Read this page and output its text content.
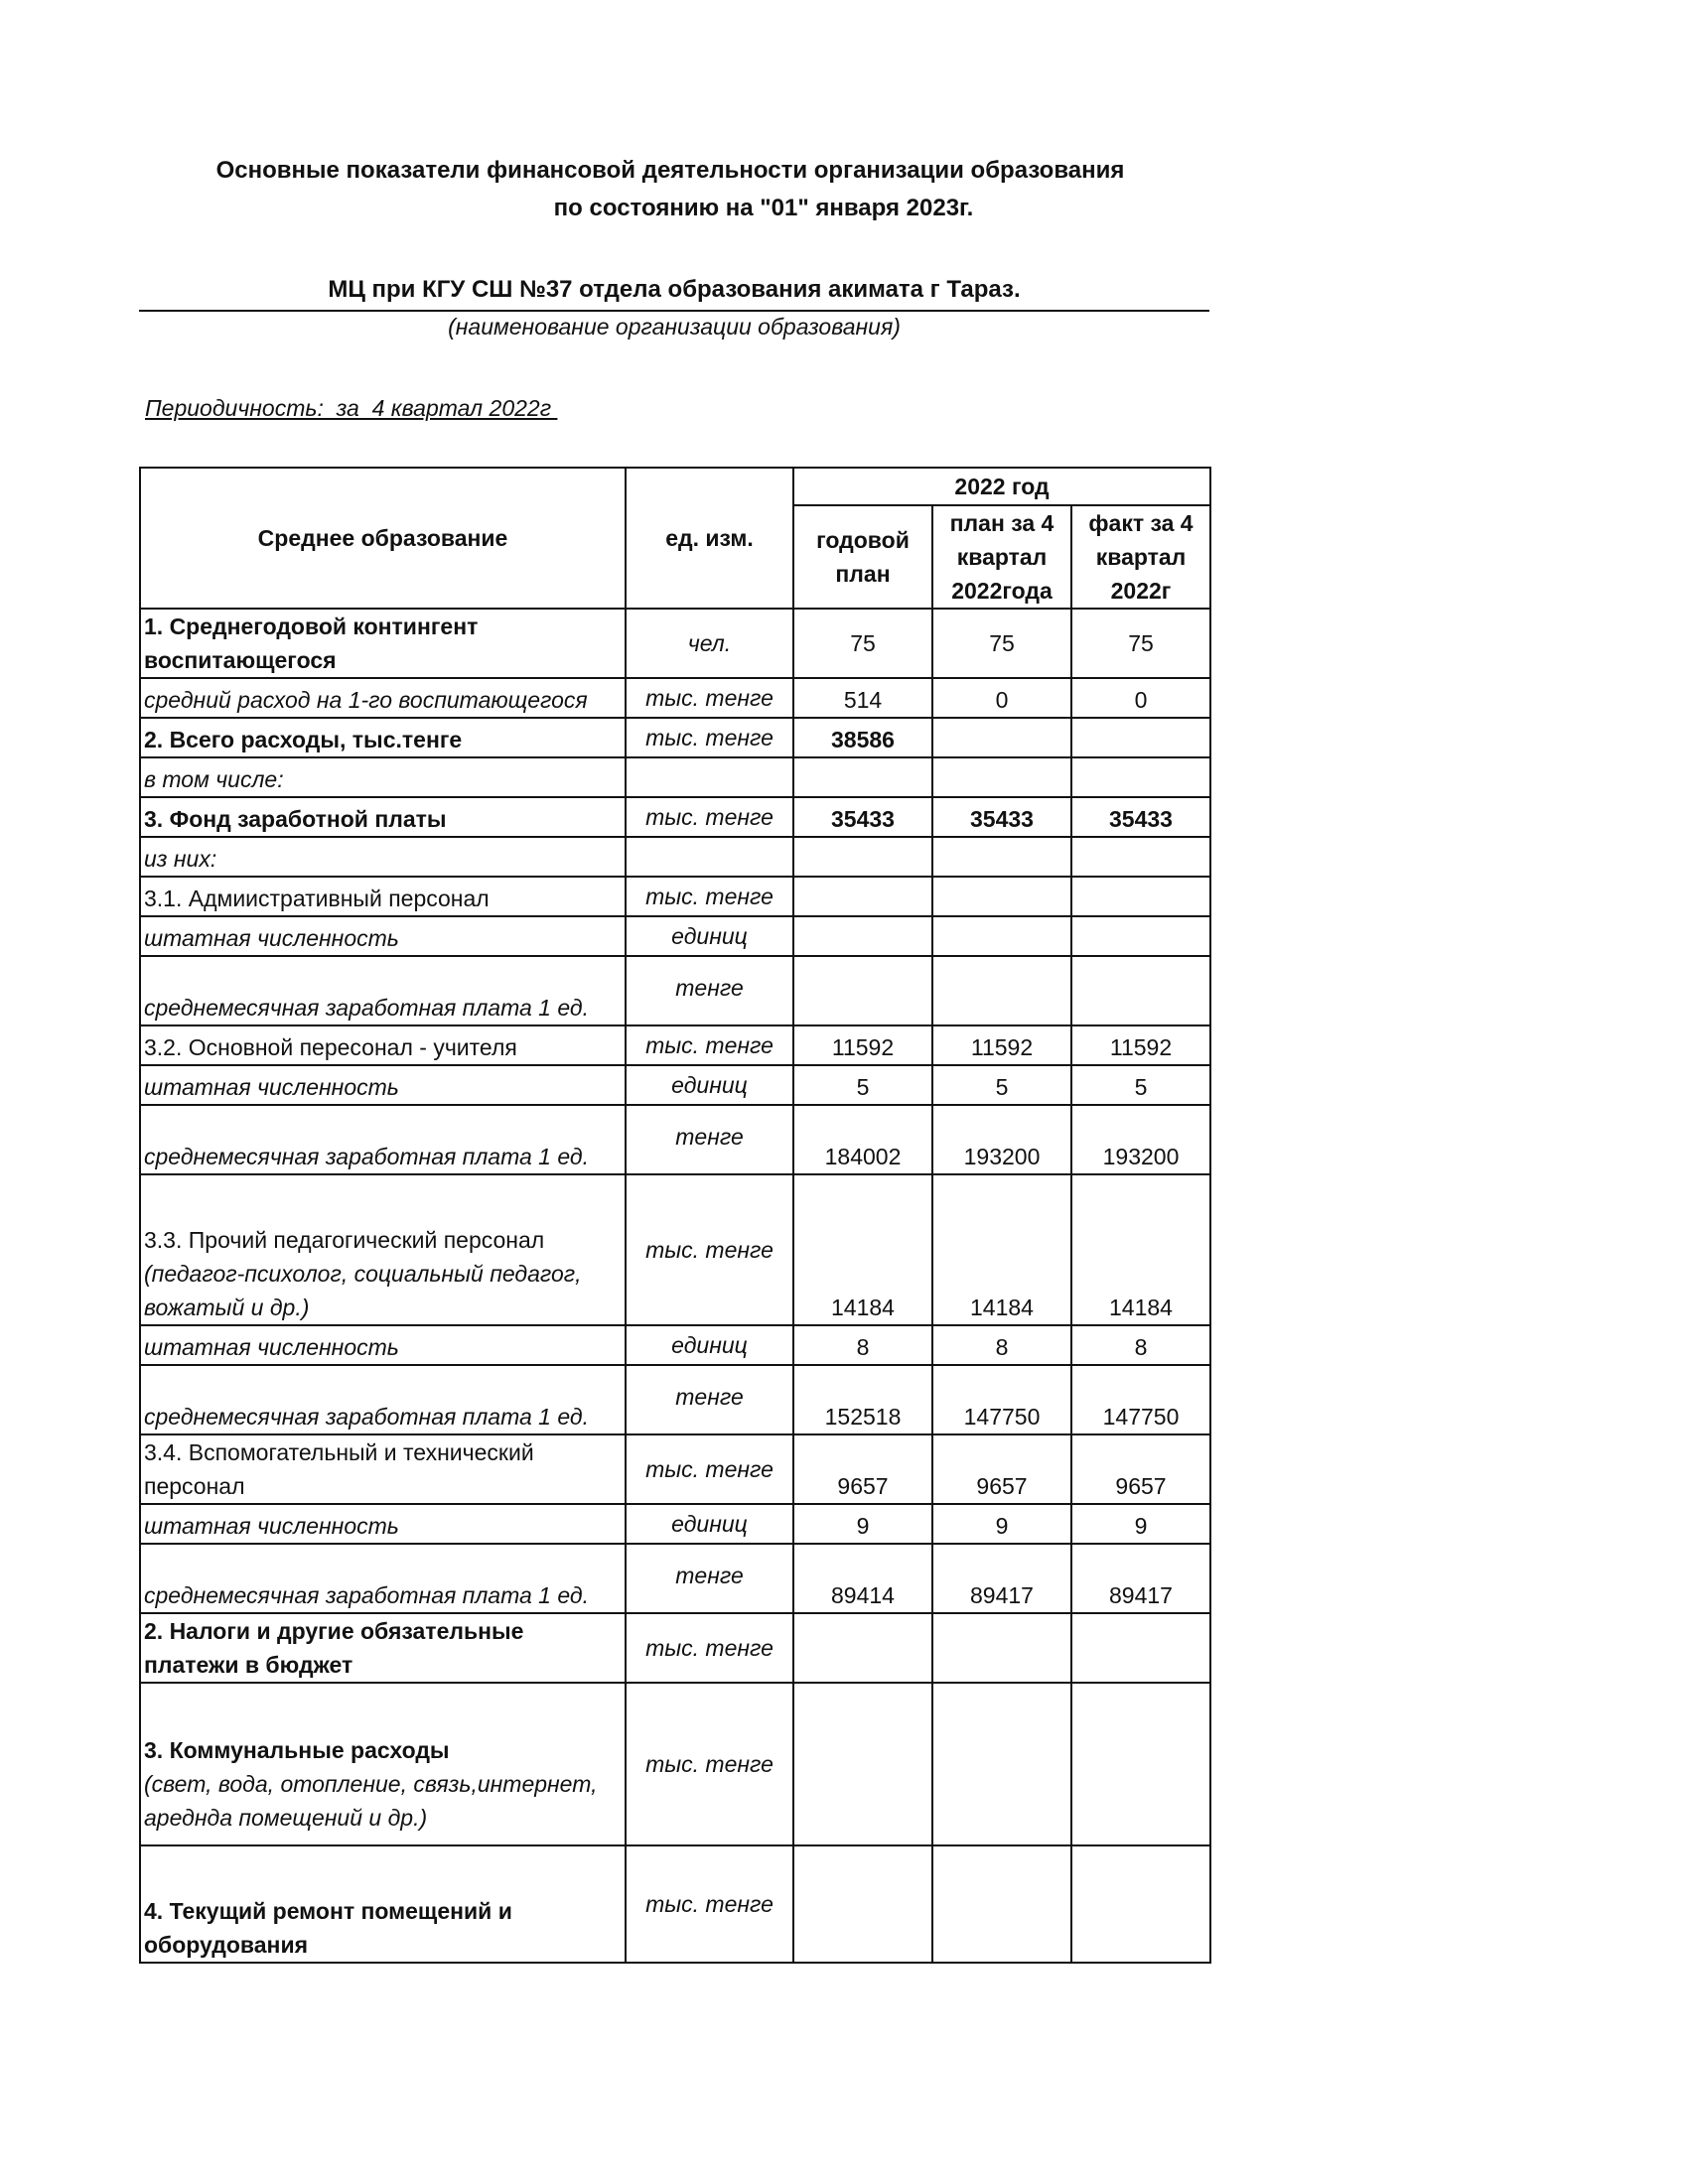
Основные показатели финансовой деятельности организации образования
по состоянию на "01" января 2023г.
МЦ при КГУ СШ №37 отдела образования акимата г Тараз.
(наименование организации образования)
Периодичность:  за  4 квартал 2022г
Среднее образование	ед. изм.	2022 год		
		годовой план	план за 4 квартал 2022года	факт за 4 квартал 2022г
1. Среднегодовой контингент воспитающегося	чел.	75	75	75
средний расход на 1-го воспитающегося	тыс. тенге	514	0	0
2. Всего расходы, тыс.тенге	тыс. тенге	38586		
в том числе:				
3. Фонд заработной платы	тыс. тенге	35433	35433	35433
из них:				
3.1. Адмиистративный персонал	тыс. тенге			
штатная численность	единиц			
среднемесячная заработная плата 1 ед.	тенге			
3.2. Основной пересонал - учителя	тыс. тенге	11592	11592	11592
штатная численность	единиц	5	5	5
среднемесячная заработная плата 1 ед.	тенге	184002	193200	193200
3.3. Прочий педагогический персонал
(педагог-психолог, социальный педагог, вожатый и др.)	тыс. тенге	14184	14184	14184
штатная численность	единиц	8	8	8
среднемесячная заработная плата 1 ед.	тенге	152518	147750	147750
3.4. Вспомогательный и технический персонал	тыс. тенге	9657	9657	9657
штатная численность	единиц	9	9	9
среднемесячная заработная плата 1 ед.	тенге	89414	89417	89417
2. Налоги и другие обязательные платежи в бюджет	тыс. тенге			
3. Коммунальные расходы
(свет, вода, отопление, связь,интернет, ареднда помещений и др.)	тыс. тенге			
4. Текущий ремонт помещений и оборудования	тыс. тенге			
